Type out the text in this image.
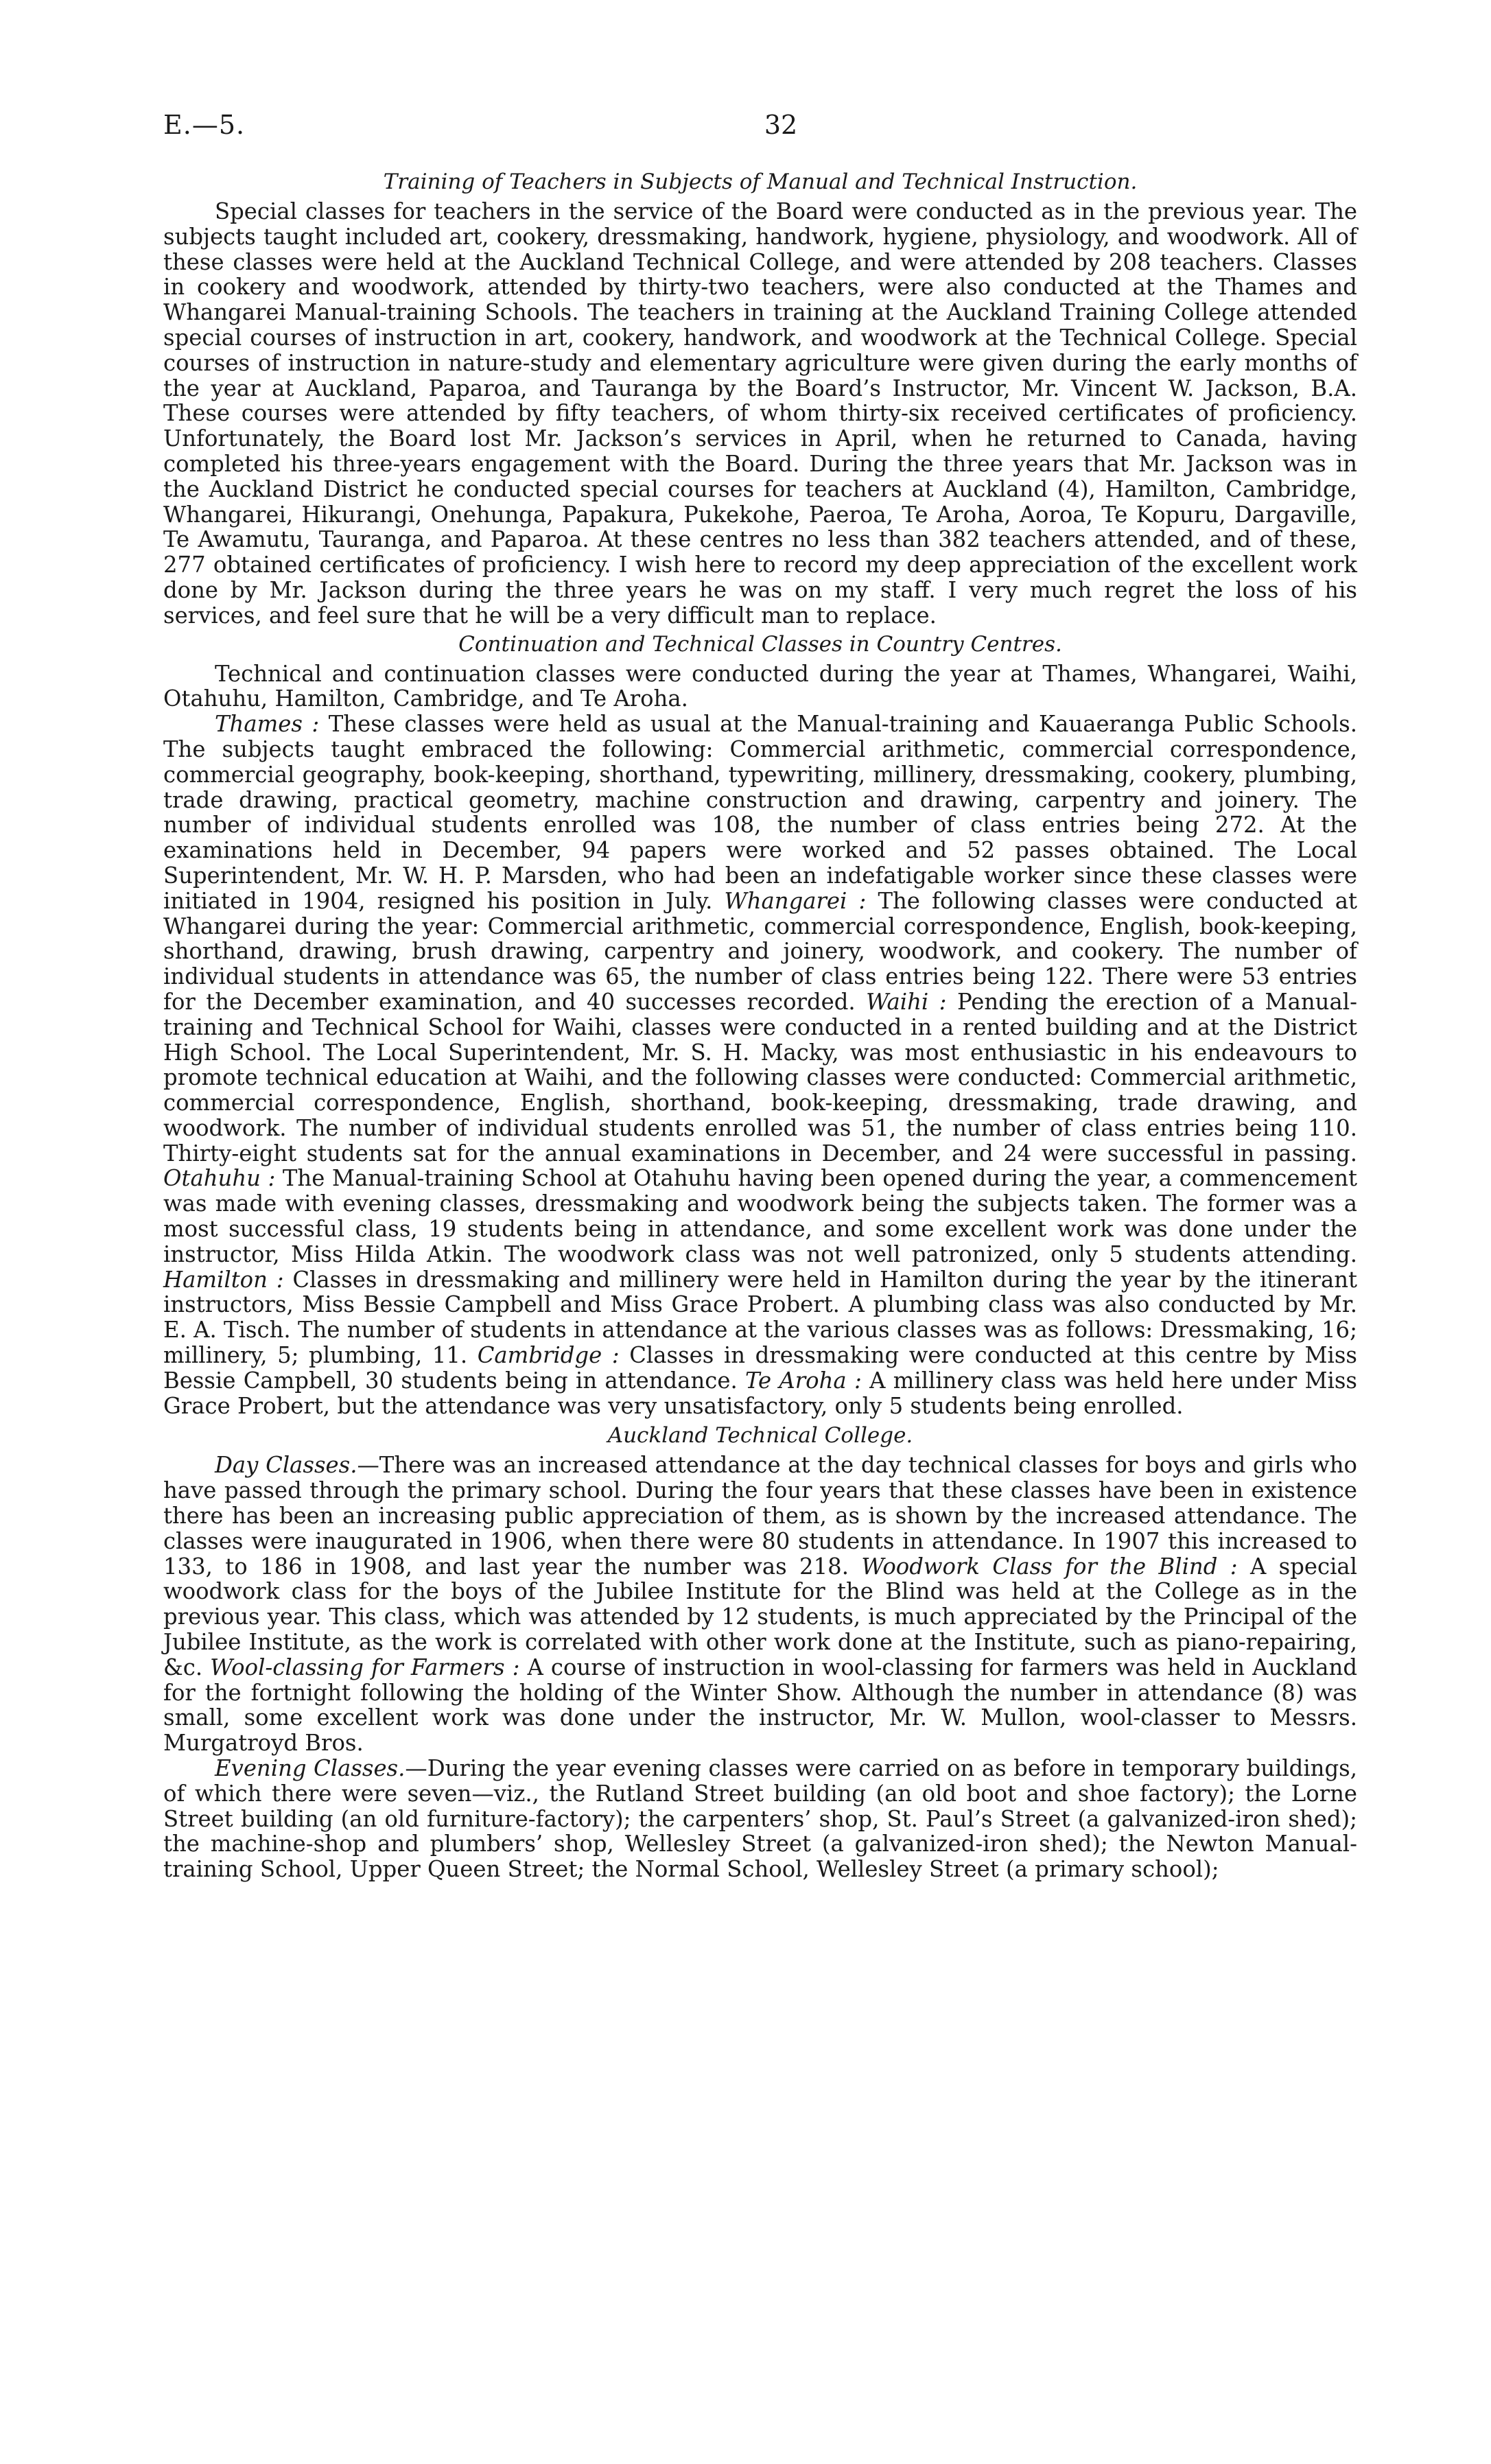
E.—5.	32
Training of Teachers in Subjects of Manual and Technical Instruction.

Special classes for teachers in the service of the Board were conducted as in the previous year. The subjects taught included art, cookery, dressmaking, handwork, hygiene, physiology, and woodwork. All of these classes were held at the Auckland Technical College, and were attended by 208 teachers. Classes in cookery and woodwork, attended by thirty-two teachers, were also conducted at the Thames and Whangarei Manual-training Schools. The teachers in training at the Auckland Training College attended special courses of instruction in art, cookery, handwork, and woodwork at the Technical College. Special courses of instruction in nature-study and elementary agriculture were given during the early months of the year at Auckland, Paparoa, and Tauranga by the Board’s Instructor, Mr. Vincent W. Jackson, B.A. These courses were attended by fifty teachers, of whom thirty-six received certificates of proficiency. Unfortunately, the Board lost Mr. Jackson’s services in April, when he returned to Canada, having completed his three-years engagement with the Board. During the three years that Mr. Jackson was in the Auckland District he conducted special courses for teachers at Auckland (4), Hamilton, Cambridge, Whangarei, Hikurangi, Onehunga, Papakura, Pukekohe, Paeroa, Te Aroha, Aoroa, Te Kopuru, Dargaville, Te Awamutu, Tauranga, and Paparoa. At these centres no less than 382 teachers attended, and of these, 277 obtained certificates of proficiency. I wish here to record my deep appreciation of the excellent work done by Mr. Jackson during the three years he was on my staff. I very much regret the loss of his services, and feel sure that he will be a very difficult man to replace.

Continuation and Technical Classes in Country Centres.

Technical and continuation classes were conducted during the year at Thames, Whangarei, Waihi, Otahuhu, Hamilton, Cambridge, and Te Aroha.

Thames : These classes were held as usual at the Manual-training and Kauaeranga Public Schools. The subjects taught embraced the following: Commercial arithmetic, commercial correspondence, commercial geography, book-keeping, shorthand, typewriting, millinery, dressmaking, cookery, plumbing, trade drawing, practical geometry, machine construction and drawing, carpentry and joinery. The number of individual students enrolled was 108, the number of class entries being 272. At the examinations held in December, 94 papers were worked and 52 passes obtained. The Local Superintendent, Mr. W. H. P. Marsden, who had been an indefatigable worker since these classes were initiated in 1904, resigned his position in July. Whangarei : The following classes were conducted at Whangarei during the year: Commercial arithmetic, commercial correspondence, English, book-keeping, shorthand, drawing, brush drawing, carpentry and joinery, woodwork, and cookery. The number of individual students in attendance was 65, the number of class entries being 122. There were 53 entries for the December examination, and 40 successes recorded. Waihi : Pending the erection of a Manual-training and Technical School for Waihi, classes were conducted in a rented building and at the District High School. The Local Superintendent, Mr. S. H. Macky, was most enthusiastic in his endeavours to promote technical education at Waihi, and the following classes were conducted: Commercial arithmetic, commercial correspondence, English, shorthand, book-keeping, dressmaking, trade drawing, and woodwork. The number of individual students enrolled was 51, the number of class entries being 110. Thirty-eight students sat for the annual examinations in December, and 24 were successful in passing. Otahuhu : The Manual-training School at Otahuhu having been opened during the year, a commencement was made with evening classes, dressmaking and woodwork being the subjects taken. The former was a most successful class, 19 students being in attendance, and some excellent work was done under the instructor, Miss Hilda Atkin. The woodwork class was not well patronized, only 5 students attending. Hamilton : Classes in dressmaking and millinery were held in Hamilton during the year by the itinerant instructors, Miss Bessie Campbell and Miss Grace Probert. A plumbing class was also conducted by Mr. E. A. Tisch. The number of students in attendance at the various classes was as follows: Dressmaking, 16; millinery, 5; plumbing, 11. Cambridge : Classes in dressmaking were conducted at this centre by Miss Bessie Campbell, 30 students being in attendance. Te Aroha : A millinery class was held here under Miss Grace Probert, but the attendance was very unsatisfactory, only 5 students being enrolled.

Auckland Technical College.

Day Classes.—There was an increased attendance at the day technical classes for boys and girls who have passed through the primary school. During the four years that these classes have been in existence there has been an increasing public appreciation of them, as is shown by the increased attendance. The classes were inaugurated in 1906, when there were 80 students in attendance. In 1907 this increased to 133, to 186 in 1908, and last year the number was 218. Woodwork Class for the Blind : A special woodwork class for the boys of the Jubilee Institute for the Blind was held at the College as in the previous year. This class, which was attended by 12 students, is much appreciated by the Principal of the Jubilee Institute, as the work is correlated with other work done at the Institute, such as piano-repairing, &c. Wool-classing for Farmers : A course of instruction in wool-classing for farmers was held in Auckland for the fortnight following the holding of the Winter Show. Although the number in attendance (8) was small, some excellent work was done under the instructor, Mr. W. Mullon, wool-classer to Messrs. Murgatroyd Bros.

Evening Classes.—During the year evening classes were carried on as before in temporary buildings, of which there were seven—viz., the Rutland Street building (an old boot and shoe factory); the Lorne Street building (an old furniture-factory); the carpenters’ shop, St. Paul’s Street (a galvanized-iron shed); the machine-shop and plumbers’ shop, Wellesley Street (a galvanized-iron shed); the Newton Manual-training School, Upper Queen Street; the Normal School, Wellesley Street (a primary school);
